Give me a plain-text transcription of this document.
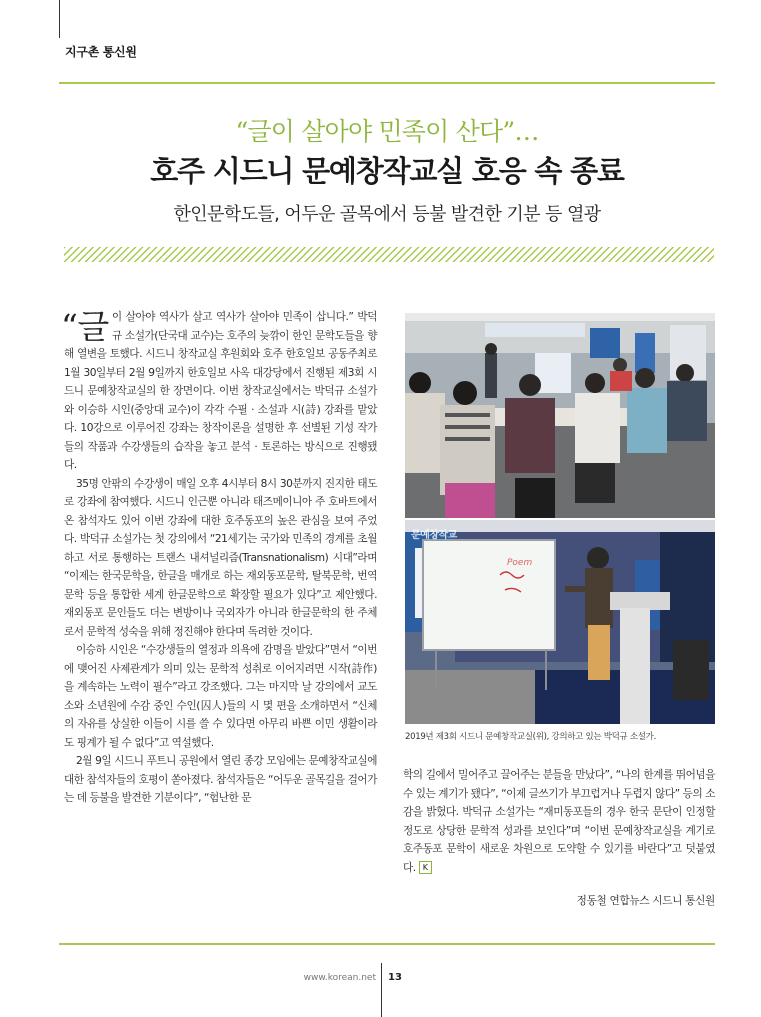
지구촌 통신원
“글이 살아야 민족이 산다”…
호주 시드니 문예창작교실 호응 속 종료
한인문학도들, 어두운 골목에서 등불 발견한 기분 등 열광

“글이 살아야 역사가 살고 역사가 살아야 민족이 삽니다.” 박덕규 소설가(단국대 교수)는 호주의 늦깎이 한인 문학도들을 향해 열변을 토했다. 시드니 창작교실 후원회와 호주 한호일보 공동주최로 1월 30일부터 2월 9일까지 한호일보 사옥 대강당에서 진행된 제3회 시드니 문예창작교실의 한 장면이다. 이번 창작교실에서는 박덕규 소설가와 이승하 시인(중앙대 교수)이 각각 수필 · 소설과 시(詩) 강좌를 맡았다. 10강으로 이루어진 강좌는 창작이론을 설명한 후 선별된 기성 작가들의 작품과 수강생들의 습작을 놓고 분석 · 토론하는 방식으로 진행됐다.

35명 안팎의 수강생이 매일 오후 4시부터 8시 30분까지 진지한 태도로 강좌에 참여했다. 시드니 인근뿐 아니라 태즈메이니아 주 호바트에서 온 참석자도 있어 이번 강좌에 대한 호주동포의 높은 관심을 보여 주었다. 박덕규 소설가는 첫 강의에서 “21세기는 국가와 민족의 경계를 초월하고 서로 통행하는 트랜스 내셔널리즘(Transnationalism) 시대”라며 “이제는 한국문학을, 한글을 매개로 하는 재외동포문학, 탈북문학, 번역문학 등을 통합한 세계 한글문학으로 확장할 필요가 있다”고 제안했다. 재외동포 문인들도 더는 변방이나 국외자가 아니라 한글문학의 한 주체로서 문학적 성숙을 위해 정진해야 한다며 독려한 것이다.

이승하 시인은 “수강생들의 열정과 의욕에 감명을 받았다”면서 “이번에 맺어진 사제관계가 의미 있는 문학적 성취로 이어지려면 시작(詩作)을 계속하는 노력이 필수”라고 강조했다. 그는 마지막 날 강의에서 교도소와 소년원에 수감 중인 수인(囚人)들의 시 몇 편을 소개하면서 “신체의 자유를 상실한 이들이 시를 쓸 수 있다면 아무리 바쁜 이민 생활이라도 핑계가 될 수 없다”고 역설했다.

2월 9일 시드니 푸트니 공원에서 열린 종강 모임에는 문예창작교실에 대한 참석자들의 호평이 쏟아졌다. 참석자들은 “어두운 골목길을 걸어가는 데 등불을 발견한 기분이다”, “험난한 문

문예창작교
Poem
2019년 제3회 시드니 문예창작교실(위), 강의하고 있는 박덕규 소설가.

학의 길에서 밀어주고 끌어주는 분들을 만났다”, “나의 한계를 뛰어넘을 수 있는 계기가 됐다”, “이제 글쓰기가 부끄럽거나 두렵지 않다” 등의 소감을 밝혔다. 박덕규 소설가는 “재미동포들의 경우 한국 문단이 인정할 정도로 상당한 문학적 성과를 보인다”며 “이번 문예창작교실을 계기로 호주동포 문학이 새로운 차원으로 도약할 수 있기를 바란다”고 덧붙였다. K

정동철 연합뉴스 시드니 통신원
www.korean.net 13
